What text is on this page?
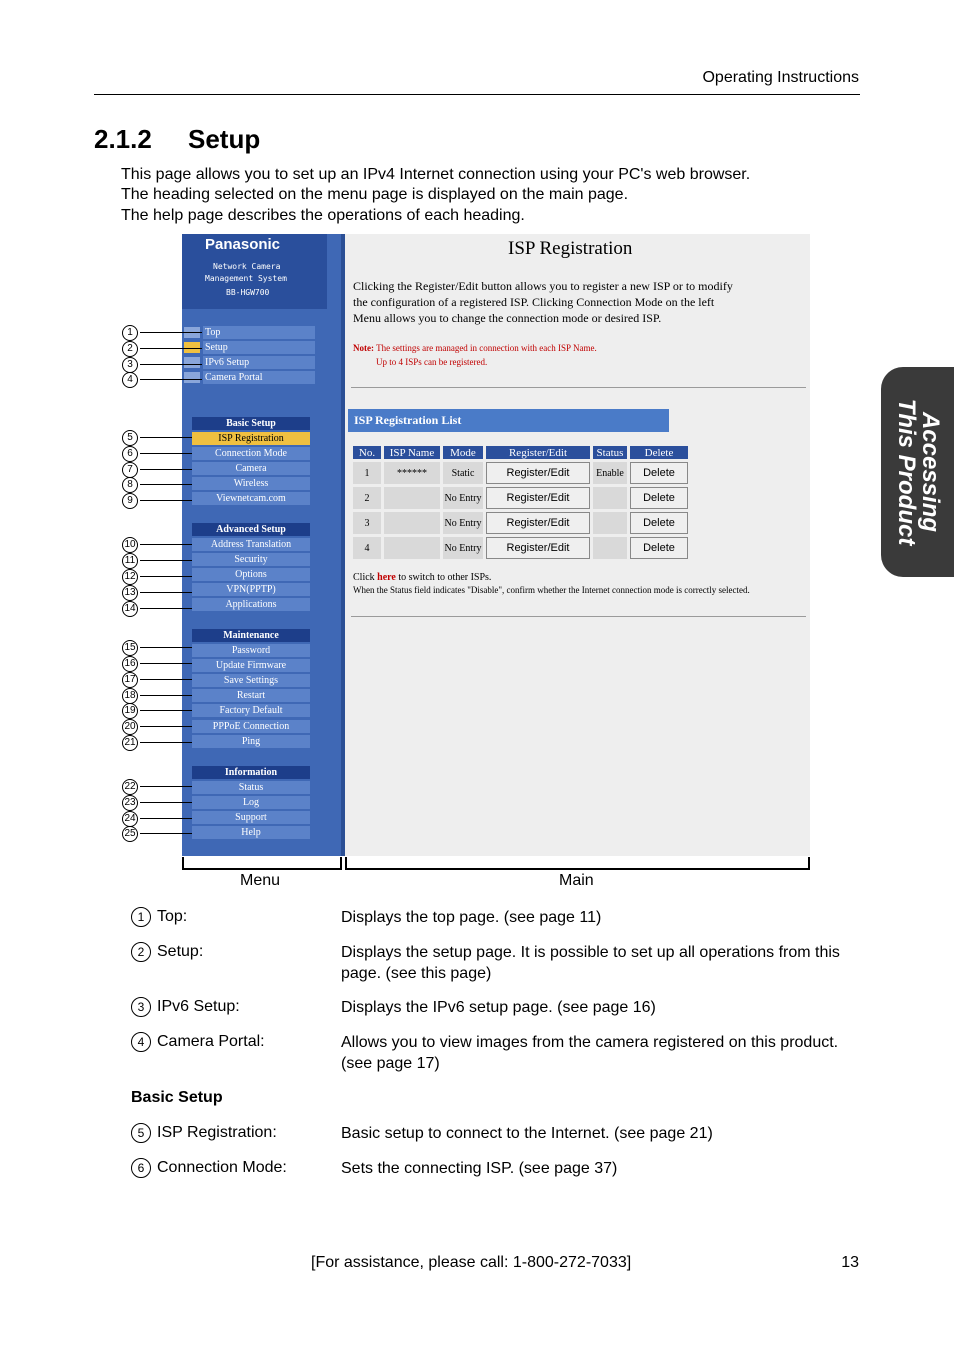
Operating Instructions
2.1.2 Setup
This page allows you to set up an IPv4 Internet connection using your PC's web browser.
The heading selected on the menu page is displayed on the main page.
The help page describes the operations of each heading.
Accessing
This Product
Panasonic
Network Camera
Management System
BB-HGW700
Top
Setup
IPv6 Setup
Camera Portal
Basic Setup
ISP Registration
Connection Mode
Camera
Wireless
Viewnetcam.com
Advanced Setup
Address Translation
Security
Options
VPN(PPTP)
Applications
Maintenance
Password
Update Firmware
Save Settings
Restart
Factory Default
PPPoE Connection
Ping
Information
Status
Log
Support
Help
ISP Registration
Clicking the Register/Edit button allows you to register a new ISP or to modify
the configuration of a registered ISP. Clicking Connection Mode on the left
Menu allows you to change the connection mode or desired ISP.
Note: The settings are managed in connection with each ISP Name.
Up to 4 ISPs can be registered.
ISP Registration List
No.	ISP Name	Mode	Register/Edit	Status	Delete
1	******	Static	Register/Edit	Enable	Delete
2		No Entry	Register/Edit		Delete
3		No Entry	Register/Edit		Delete
4		No Entry	Register/Edit		Delete
Click here to switch to other ISPs.
When the Status field indicates "Disable", confirm whether the Internet connection mode is correctly selected.
Menu	Main
1
2
3
4
5
6
7
8
9
10
11
12
13
14
15
16
17
18
19
20
21
22
23
24
25
1 Top:	Displays the top page. (see page 11)
2 Setup:	Displays the setup page. It is possible to set up all operations from this page. (see this page)
3 IPv6 Setup:	Displays the IPv6 setup page. (see page 16)
4 Camera Portal:	Allows you to view images from the camera registered on this product. (see page 17)
Basic Setup
5 ISP Registration:	Basic setup to connect to the Internet. (see page 21)
6 Connection Mode:	Sets the connecting ISP. (see page 37)
[For assistance, please call: 1-800-272-7033]	13
